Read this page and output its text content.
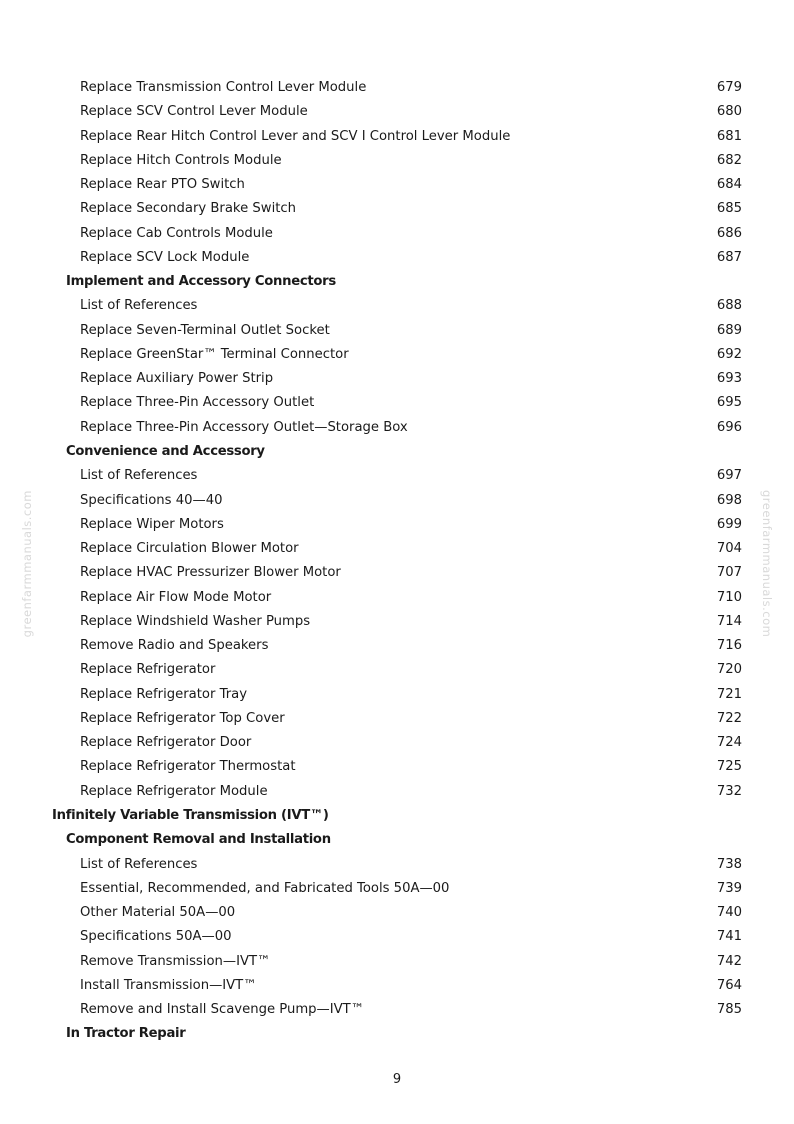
greenfarmmanuals.com	greenfarmmanuals.com
Replace Transmission Control Lever Module	679
Replace SCV Control Lever Module	680
Replace Rear Hitch Control Lever and SCV I Control Lever Module	681
Replace Hitch Controls Module	682
Replace Rear PTO Switch	684
Replace Secondary Brake Switch	685
Replace Cab Controls Module	686
Replace SCV Lock Module	687
Implement and Accessory Connectors
List of References	688
Replace Seven-Terminal Outlet Socket	689
Replace GreenStar™ Terminal Connector	692
Replace Auxiliary Power Strip	693
Replace Three-Pin Accessory Outlet	695
Replace Three-Pin Accessory Outlet—Storage Box	696
Convenience and Accessory
List of References	697
Specifications 40—40	698
Replace Wiper Motors	699
Replace Circulation Blower Motor	704
Replace HVAC Pressurizer Blower Motor	707
Replace Air Flow Mode Motor	710
Replace Windshield Washer Pumps	714
Remove Radio and Speakers	716
Replace Refrigerator	720
Replace Refrigerator Tray	721
Replace Refrigerator Top Cover	722
Replace Refrigerator Door	724
Replace Refrigerator Thermostat	725
Replace Refrigerator Module	732
Infinitely Variable Transmission (IVT™)
Component Removal and Installation
List of References	738
Essential, Recommended, and Fabricated Tools 50A—00	739
Other Material 50A—00	740
Specifications 50A—00	741
Remove Transmission—IVT™	742
Install Transmission—IVT™	764
Remove and Install Scavenge Pump—IVT™	785
In Tractor Repair
9
